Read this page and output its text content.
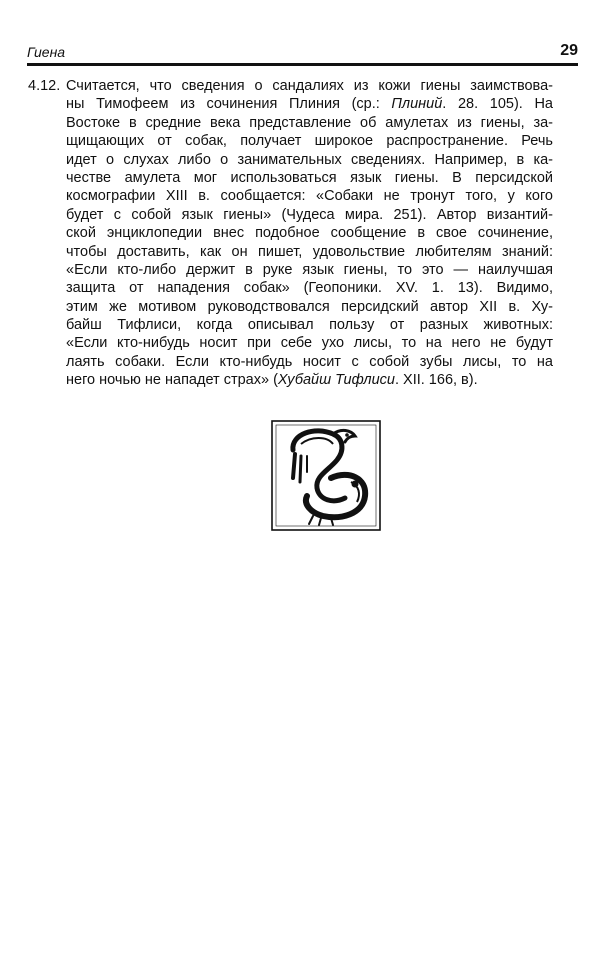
Гиена	29
4.12. Считается, что сведения о сандалиях из кожи гиены заимствова-
ны Тимофеем из сочинения Плиния (ср.: Плиний. 28. 105). На
Востоке в средние века представление об амулетах из гиены, за-
щищающих от собак, получает широкое распространение. Речь
идет о слухах либо о занимательных сведениях. Например, в ка-
честве амулета мог использоваться язык гиены. В персидской
космографии XIII в. сообщается: «Собаки не тронут того, у кого
будет с собой язык гиены» (Чудеса мира. 251). Автор византий-
ской энциклопедии внес подобное сообщение в свое сочинение,
чтобы доставить, как он пишет, удовольствие любителям знаний:
«Если кто-либо держит в руке язык гиены, то это — наилучшая
защита от нападения собак» (Геопоники. XV. 1. 13). Видимо,
этим же мотивом руководствовался персидский автор XII в. Ху-
байш Тифлиси, когда описывал пользу от разных животных:
«Если кто-нибудь носит при себе ухо лисы, то на него не будут
лаять собаки. Если кто-нибудь носит с собой зубы лисы, то на
него ночью не нападет страх» (Хубайш Тифлиси. XII. 166, в).
